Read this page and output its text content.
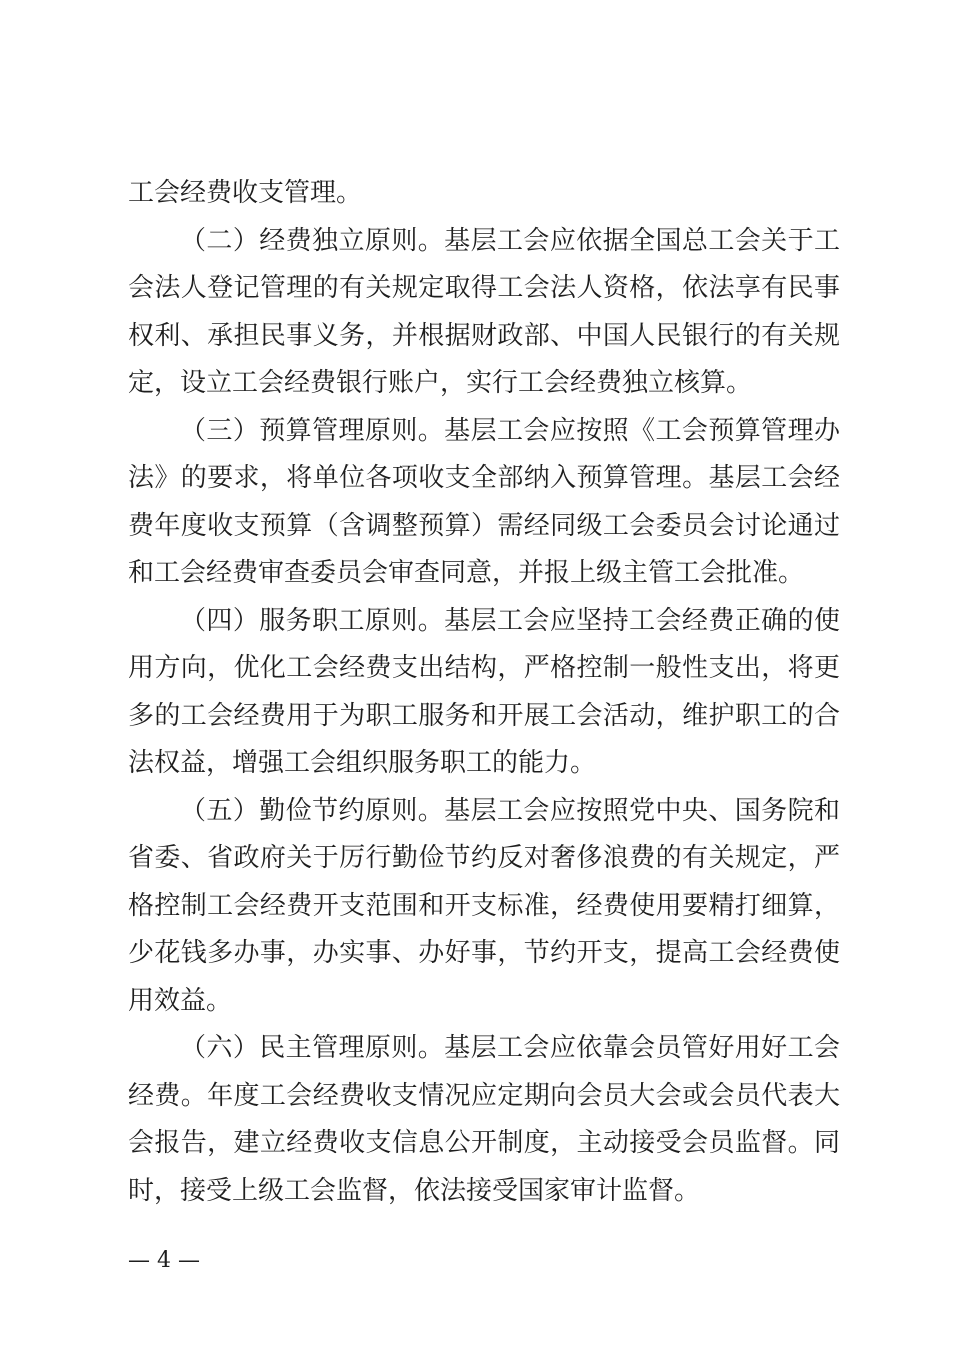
工会经费收支管理。
（二）经费独立原则。基层工会应依据全国总工会关于工
会法人登记管理的有关规定取得工会法人资格，依法享有民事
权利、承担民事义务，并根据财政部、中国人民银行的有关规
定，设立工会经费银行账户，实行工会经费独立核算。
（三）预算管理原则。基层工会应按照《工会预算管理办
法》的要求，将单位各项收支全部纳入预算管理。基层工会经
费年度收支预算（含调整预算）需经同级工会委员会讨论通过
和工会经费审查委员会审查同意，并报上级主管工会批准。
（四）服务职工原则。基层工会应坚持工会经费正确的使
用方向，优化工会经费支出结构，严格控制一般性支出，将更
多的工会经费用于为职工服务和开展工会活动，维护职工的合
法权益，增强工会组织服务职工的能力。
（五）勤俭节约原则。基层工会应按照党中央、国务院和
省委、省政府关于厉行勤俭节约反对奢侈浪费的有关规定，严
格控制工会经费开支范围和开支标准，经费使用要精打细算，
少花钱多办事，办实事、办好事，节约开支，提高工会经费使
用效益。
（六）民主管理原则。基层工会应依靠会员管好用好工会
经费。年度工会经费收支情况应定期向会员大会或会员代表大
会报告，建立经费收支信息公开制度，主动接受会员监督。同
时，接受上级工会监督，依法接受国家审计监督。
— 4 —
